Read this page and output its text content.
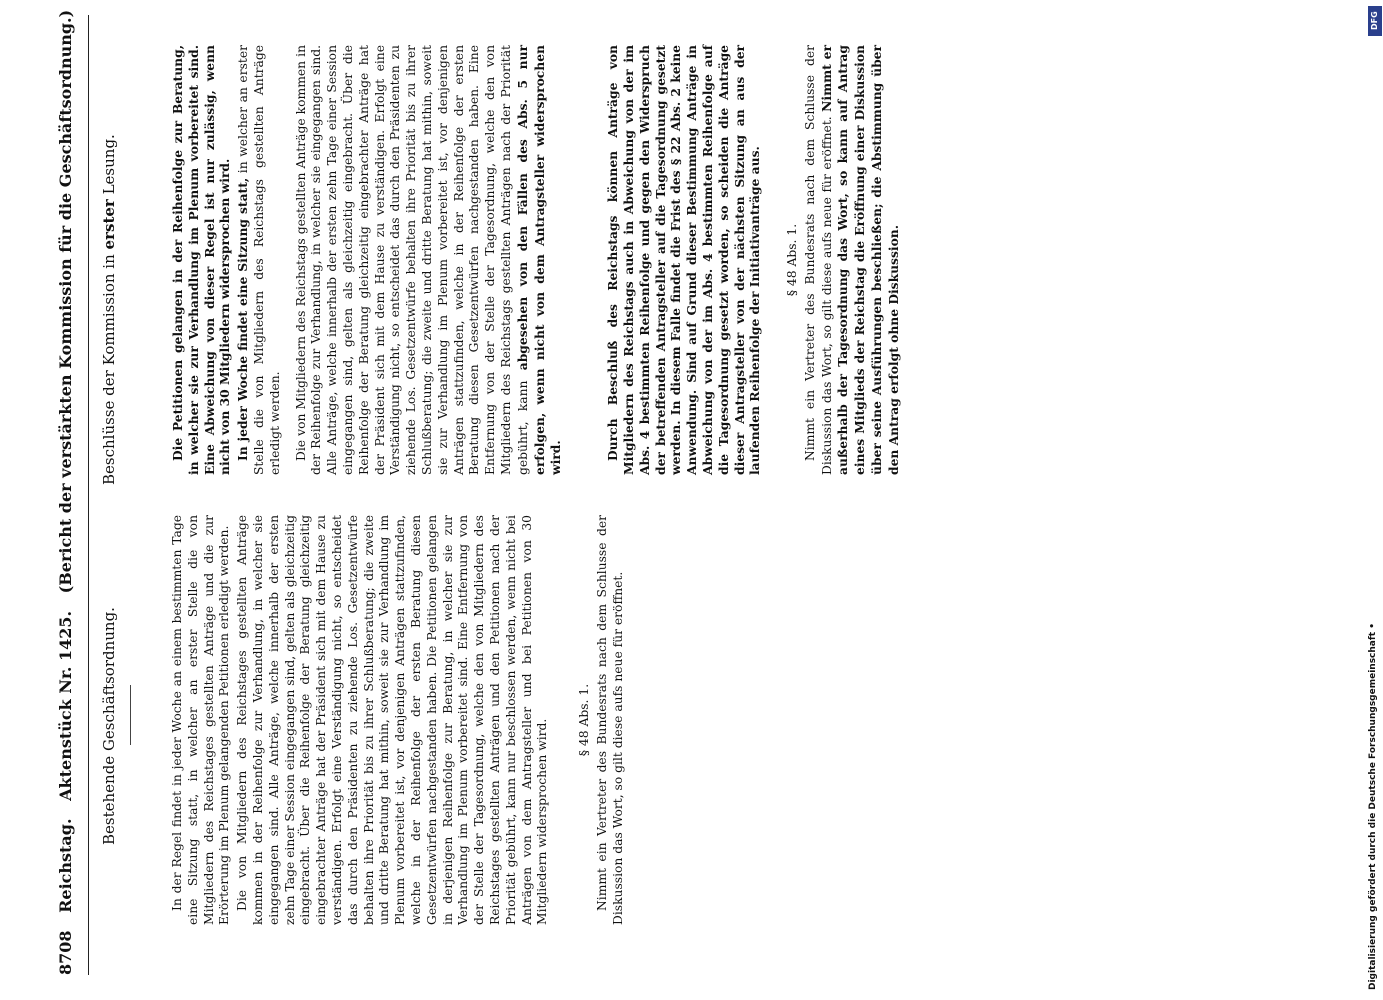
8708 Reichstag. Aktenstück Nr. 1425. (Bericht der verstärkten Kommission für die Geschäftsordnung.)
Bestehende Geschäftsordnung.
Beschlüsse der Kommission in erster Lesung.

In der Regel findet in jeder Woche an einem bestimmten Tage eine Sitzung statt, in welcher an erster Stelle die von Mitgliedern des Reichstages gestellten Anträge und die zur Erörterung im Plenum gelangenden Petitionen erledigt werden. Die von Mitgliedern des Reichstages gestellten Anträge kommen in der Reihenfolge zur Verhandlung, in welcher sie eingegangen sind. Alle Anträge, welche innerhalb der ersten zehn Tage einer Session eingegangen sind, gelten als gleichzeitig eingebracht. Über die Reihenfolge der Beratung gleichzeitig eingebrachter Anträge hat der Präsident sich mit dem Hause zu verständigen. Erfolgt eine Verständigung nicht, so entscheidet das durch den Präsidenten zu ziehende Los. Gesetzentwürfe behalten ihre Priorität bis zu ihrer Schlußberatung; die zweite und dritte Beratung hat mithin, soweit sie zur Verhandlung im Plenum vorbereitet ist, vor denjenigen Anträgen stattzufinden, welche in der Reihenfolge der ersten Beratung diesen Gesetzentwürfen nachgestanden haben. Die Petitionen gelangen in derjenigen Reihenfolge zur Beratung, in welcher sie zur Verhandlung im Plenum vorbereitet sind. Eine Entfernung von der Stelle der Tagesordnung, welche den von Mitgliedern des Reichstages gestellten Anträgen und den Petitionen nach der Priorität gebührt, kann nur beschlossen werden, wenn nicht bei Anträgen von dem Antragsteller und bei Petitionen von 30 Mitgliedern widersprochen wird. § 48 Abs. 1. Nimmt ein Vertreter des Bundesrats nach dem Schlusse der Diskussion das Wort, so gilt diese aufs neue für eröffnet.

Die Petitionen gelangen in der Reihenfolge zur Beratung, in welcher sie zur Verhandlung im Plenum vorbereitet sind. Eine Abweichung von dieser Regel ist nur zulässig, wenn nicht von 30 Mitgliedern widersprochen wird. In jeder Woche findet eine Sitzung statt, in welcher an erster Stelle die von Mitgliedern des Reichstags gestellten Anträge erledigt werden. Die von Mitgliedern des Reichstags gestellten Anträge kommen in der Reihenfolge zur Verhandlung, in welcher sie eingegangen sind. Alle Anträge, welche innerhalb der ersten zehn Tage einer Session eingegangen sind, gelten als gleichzeitig eingebracht. Über die Reihenfolge der Beratung gleichzeitig eingebrachter Anträge hat der Präsident sich mit dem Hause zu verständigen. Erfolgt eine Verständigung nicht, so entscheidet das durch den Präsidenten zu ziehende Los. Gesetzentwürfe behalten ihre Priorität bis zu ihrer Schlußberatung; die zweite und dritte Beratung hat mithin, soweit sie zur Verhandlung im Plenum vorbereitet ist, vor denjenigen Anträgen stattzufinden, welche in der Reihenfolge der ersten Beratung diesen Gesetzentwürfen nachgestanden haben. Eine Entfernung von der Stelle der Tagesordnung, welche den von Mitgliedern des Reichstags gestellten Anträgen nach der Priorität gebührt, kann abgesehen von den Fällen des Abs. 5 nur erfolgen, wenn nicht von dem Antragsteller widersprochen wird.	Durch Beschluß des Reichstags können Anträge von Mitgliedern des Reichstags auch in Abweichung von der im Abs. 4 bestimmten Reihenfolge und gegen den Widerspruch der betreffenden Antragsteller auf die Tagesordnung gesetzt werden. In diesem Falle findet die Frist des § 22 Abs. 2 keine Anwendung. Sind auf Grund dieser Bestimmung Anträge in Abweichung von der im Abs. 4 bestimmten Reihenfolge auf die Tagesordnung gesetzt worden, so scheiden die Anträge dieser Antragsteller von der nächsten Sitzung an aus der laufenden Reihenfolge der Initiativanträge aus. § 48 Abs. 1. Nimmt ein Vertreter des Bundesrats nach dem Schlusse der Diskussion das Wort, so gilt diese aufs neue für eröffnet. Nimmt er außerhalb der Tagesordnung das Wort, so kann auf Antrag eines Mitglieds der Reichstag die Eröffnung einer Diskussion über seine Ausführungen beschließen; die Abstimmung über den Antrag erfolgt ohne Diskussion.

Digitalisierung gefördert durch die Deutsche Forschungsgemeinschaft •
DFG
